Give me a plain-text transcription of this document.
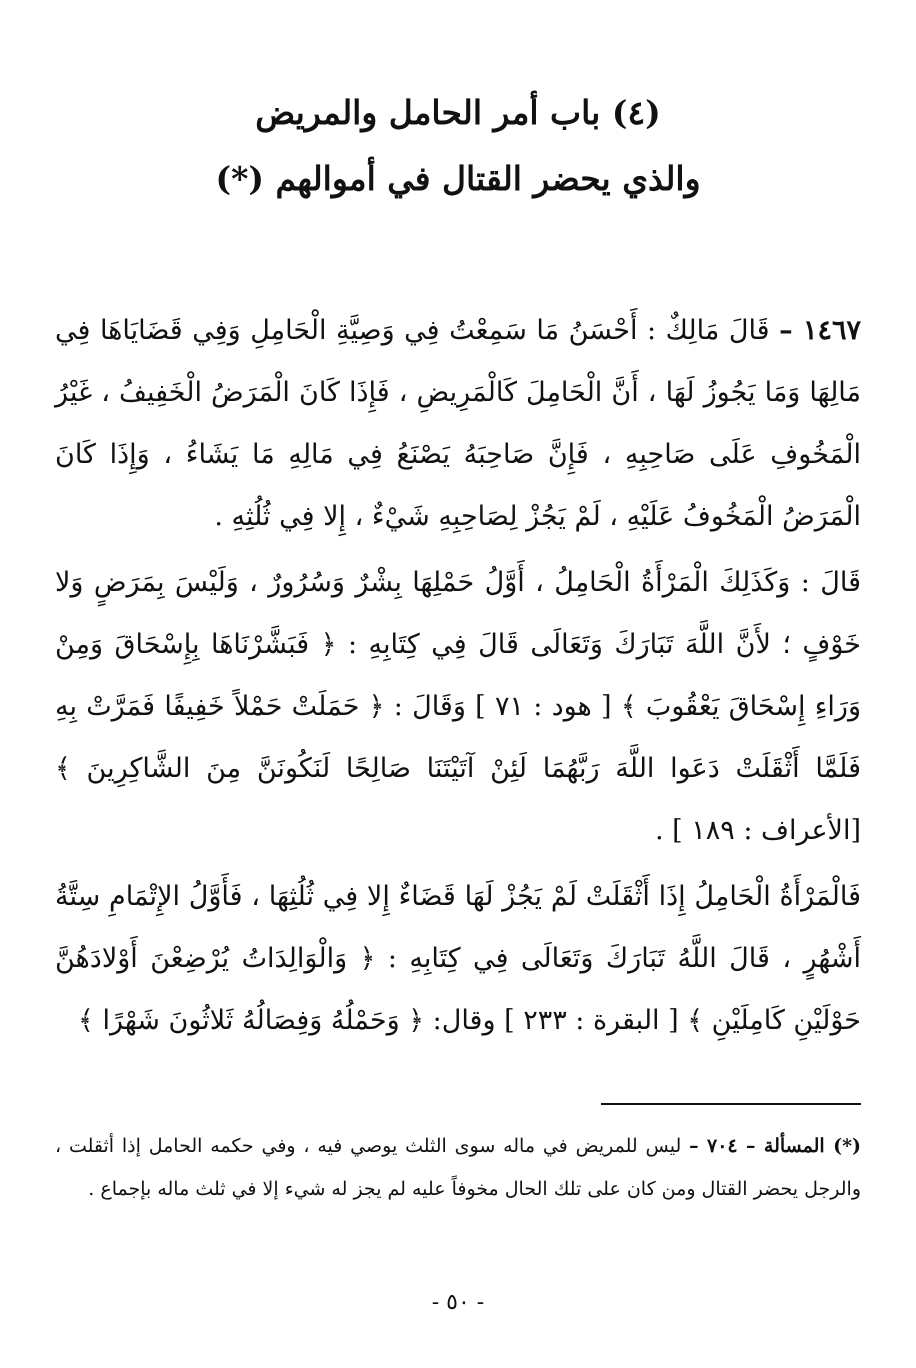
(٤) باب أمر الحامل والمريض
والذي يحضر القتال في أموالهم (*)

١٤٦٧ – قَالَ مَالِكٌ : أَحْسَنُ مَا سَمِعْتُ فِي وَصِيَّةِ الْحَامِلِ وَفِي قَضَايَاهَا فِي مَالِهَا وَمَا يَجُوزُ لَهَا ، أَنَّ الْحَامِلَ كَالْمَرِيضِ ، فَإِذَا كَانَ الْمَرَضُ الْخَفِيفُ ، غَيْرُ الْمَخُوفِ عَلَى صَاحِبِهِ ، فَإِنَّ صَاحِبَهُ يَصْنَعُ فِي مَالِهِ مَا يَشَاءُ ، وَإِذَا كَانَ الْمَرَضُ الْمَخُوفُ عَلَيْهِ ، لَمْ يَجُزْ لِصَاحِبِهِ شَيْءٌ ، إِلا فِي ثُلُثِهِ .

قَالَ : وَكَذَلِكَ الْمَرْأَةُ الْحَامِلُ ، أَوَّلُ حَمْلِهَا بِشْرٌ وَسُرُورٌ ، وَلَيْسَ بِمَرَضٍ وَلا خَوْفٍ ؛ لأَنَّ اللَّهَ تَبَارَكَ وَتَعَالَى قَالَ فِي كِتَابِهِ : ﴿ فَبَشَّرْنَاهَا بِإِسْحَاقَ وَمِنْ وَرَاءِ إِسْحَاقَ يَعْقُوبَ ﴾ [ هود : ٧١ ] وَقَالَ : ﴿ حَمَلَتْ حَمْلاً خَفِيفًا فَمَرَّتْ بِهِ فَلَمَّا أَثْقَلَتْ دَعَوا اللَّهَ رَبَّهُمَا لَئِنْ آتَيْتَنَا صَالِحًا لَنَكُونَنَّ مِنَ الشَّاكِرِينَ ﴾ [الأعراف : ١٨٩ ] .

فَالْمَرْأَةُ الْحَامِلُ إِذَا أَثْقَلَتْ لَمْ يَجُزْ لَهَا قَضَاءٌ إِلا فِي ثُلُثِهَا ، فَأَوَّلُ الإِتْمَامِ سِتَّةُ أَشْهُرٍ ، قَالَ اللَّهُ تَبَارَكَ وَتَعَالَى فِي كِتَابِهِ : ﴿ وَالْوَالِدَاتُ يُرْضِعْنَ أَوْلادَهُنَّ حَوْلَيْنِ كَامِلَيْنِ ﴾ [ البقرة : ٢٣٣ ] وقال: ﴿ وَحَمْلُهُ وَفِصَالُهُ ثَلاثُونَ شَهْرًا ﴾

(*) المسألة – ٧٠٤ – ليس للمريض في ماله سوى الثلث يوصي فيه ، وفي حكمه الحامل إذا أثقلت ، والرجل يحضر القتال ومن كان على تلك الحال مخوفاً عليه لم يجز له شيء إلا في ثلث ماله بإجماع .
- ٥٠ -
